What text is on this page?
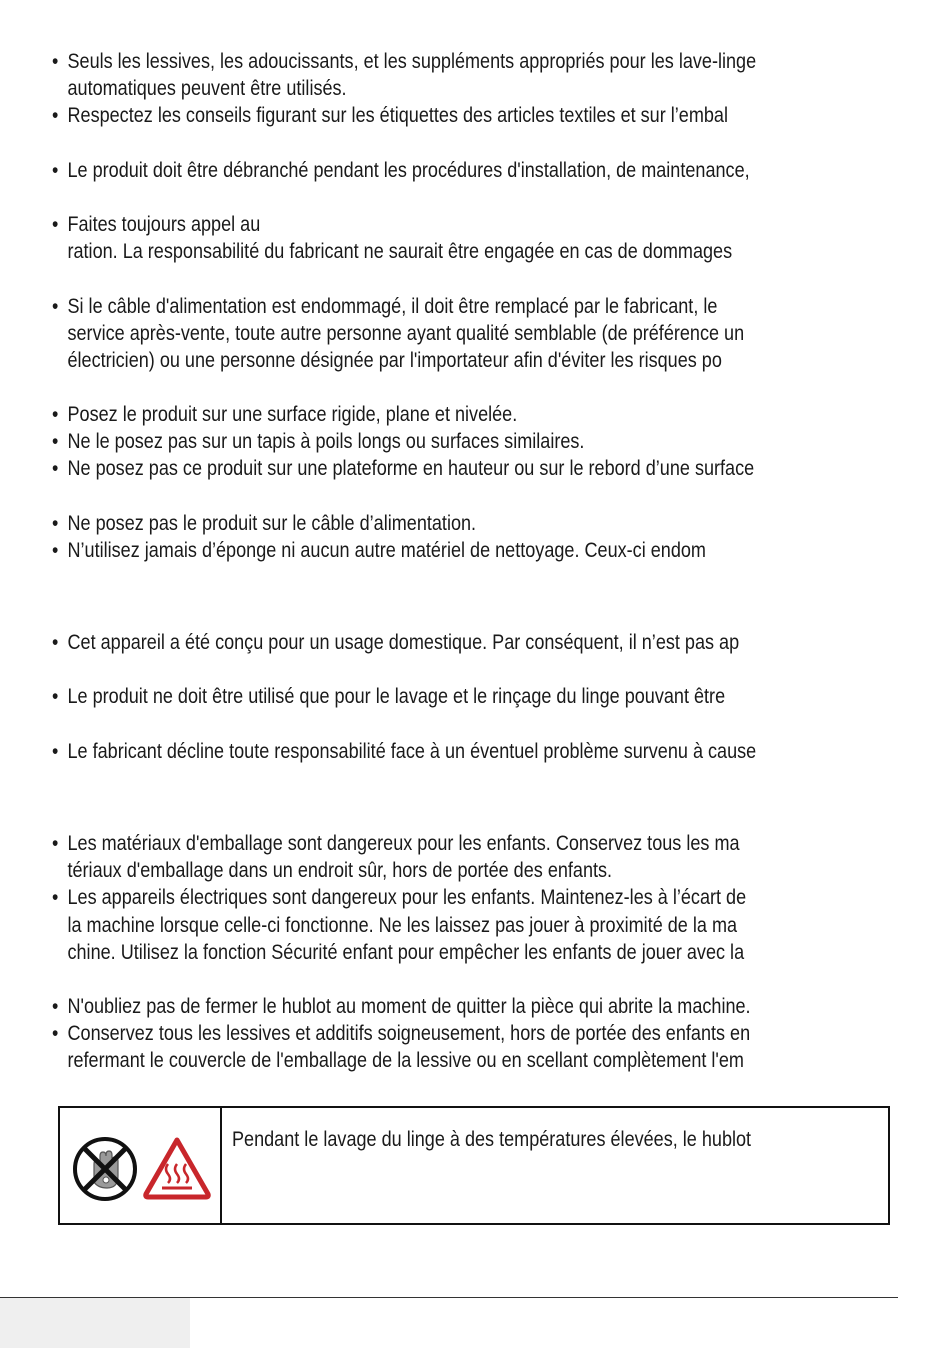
• Seuls les lessives, les adoucissants, et les suppléments appropriés pour les lave-linge
automatiques peuvent être utilisés.
• Respectez les conseils figurant sur les étiquettes des articles textiles et sur l’embal
• Le produit doit être débranché pendant les procédures d'installation, de maintenance,
• Faites toujours appel au
ration. La responsabilité du fabricant ne saurait être engagée en cas de dommages
• Si le câble d'alimentation est endommagé, il doit être remplacé par le fabricant, le
service après-vente, toute autre personne ayant qualité semblable (de préférence un
électricien) ou une personne désignée par l'importateur afin d'éviter les risques po
• Posez le produit sur une surface rigide, plane et nivelée.
• Ne le posez pas sur un tapis à poils longs ou surfaces similaires.
• Ne posez pas ce produit sur une plateforme en hauteur ou sur le rebord d’une surface
• Ne posez pas le produit sur le câble d’alimentation.
• N’utilisez jamais d’éponge ni aucun autre matériel de nettoyage. Ceux-ci endom
• Cet appareil a été conçu pour un usage domestique. Par conséquent, il n’est pas ap
• Le produit ne doit être utilisé que pour le lavage et le rinçage du linge pouvant être
• Le fabricant décline toute responsabilité face à un éventuel problème survenu à cause
• Les matériaux d'emballage sont dangereux pour les enfants. Conservez tous les ma
tériaux d'emballage dans un endroit sûr, hors de portée des enfants.
• Les appareils électriques sont dangereux pour les enfants. Maintenez-les à l’écart de
la machine lorsque celle-ci fonctionne. Ne les laissez pas jouer à proximité de la ma
chine. Utilisez la fonction Sécurité enfant pour empêcher les enfants de jouer avec la
• N'oubliez pas de fermer le hublot au moment de quitter la pièce qui abrite la machine.
• Conservez tous les lessives et additifs soigneusement, hors de portée des enfants en
refermant le couvercle de l'emballage de la lessive ou en scellant complètement l'em
Pendant le lavage du linge à des températures élevées, le hublot
